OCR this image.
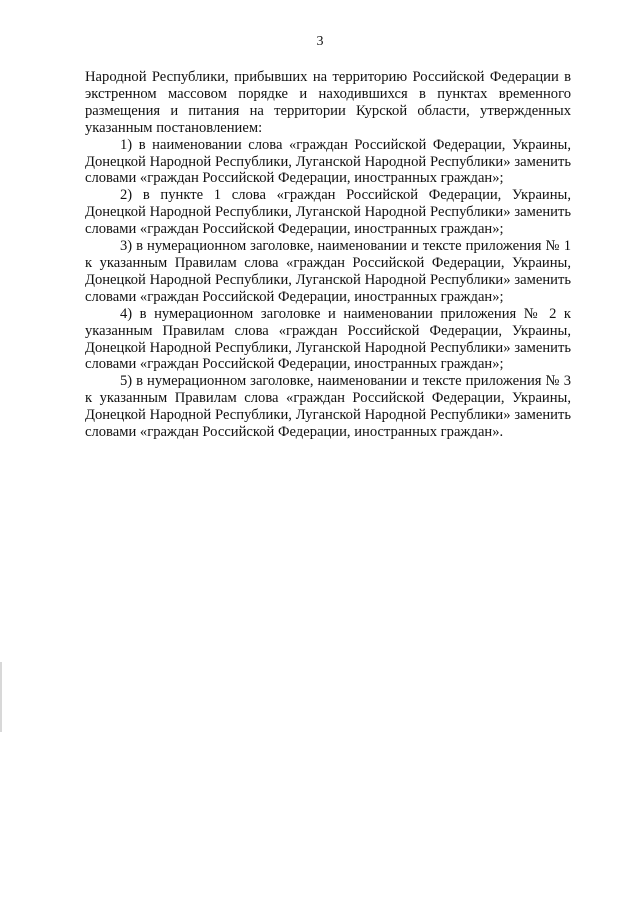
3

Народной Республики, прибывших на территорию Российской Федерации в экстренном массовом порядке и находившихся в пунктах временного размещения и питания на территории Курской области, утвержденных указанным постановлением:

1) в наименовании слова «граждан Российской Федерации, Украины, Донецкой Народной Республики, Луганской Народной Республики» заменить словами «граждан Российской Федерации, иностранных граждан»;

2) в пункте 1 слова «граждан Российской Федерации, Украины, Донецкой Народной Республики, Луганской Народной Республики» заменить словами «граждан Российской Федерации, иностранных граждан»;

3) в нумерационном заголовке, наименовании и тексте приложения № 1 к указанным Правилам слова «граждан Российской Федерации, Украины, Донецкой Народной Республики, Луганской Народной Республики» заменить словами «граждан Российской Федерации, иностранных граждан»;

4) в нумерационном заголовке и наименовании приложения № 2 к указанным Правилам слова «граждан Российской Федерации, Украины, Донецкой Народной Республики, Луганской Народной Республики» заменить словами «граждан Российской Федерации, иностранных граждан»;

5) в нумерационном заголовке, наименовании и тексте приложения № 3 к указанным Правилам слова «граждан Российской Федерации, Украины, Донецкой Народной Республики, Луганской Народной Республики» заменить словами «граждан Российской Федерации, иностранных граждан».
